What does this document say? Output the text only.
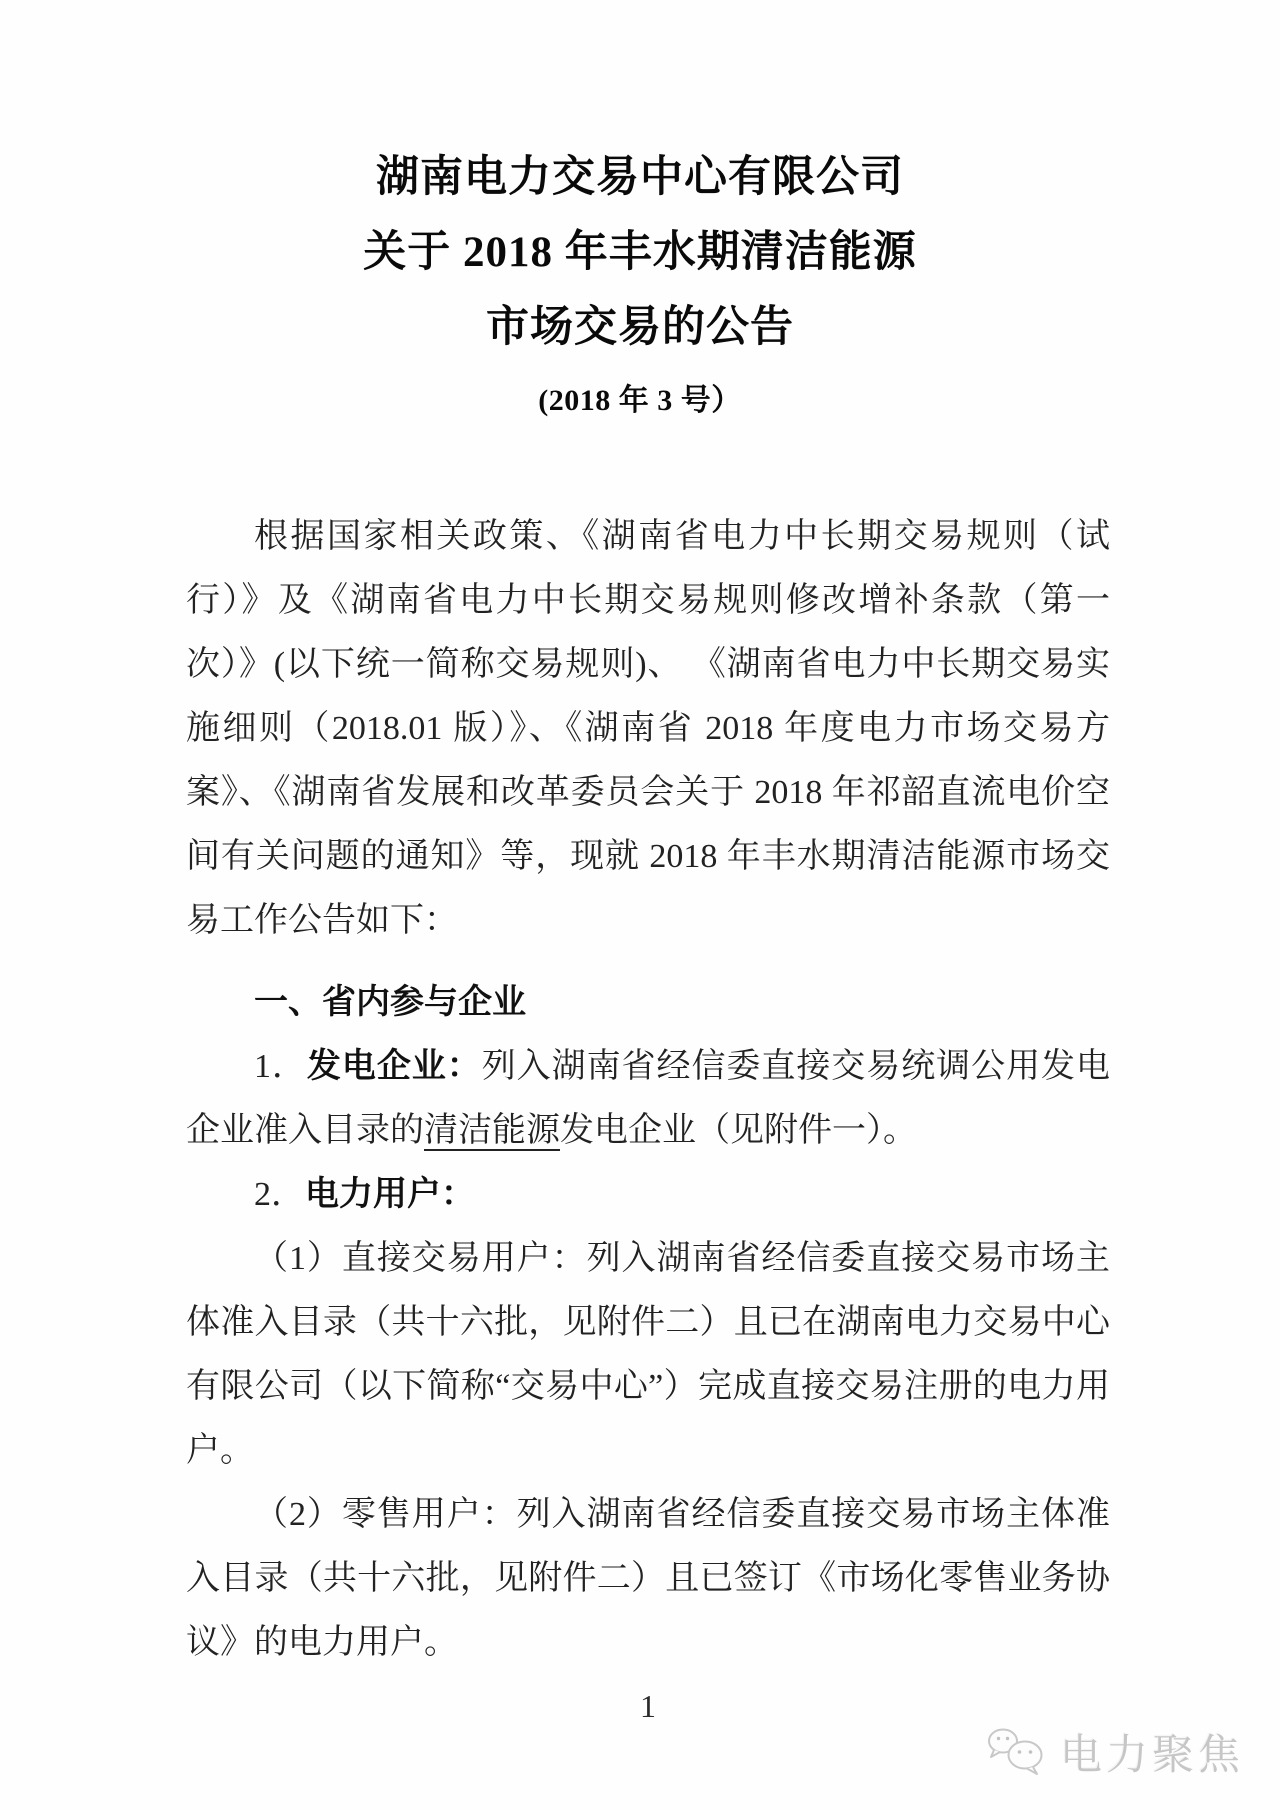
湖南电力交易中心有限公司
关于 2018 年丰水期清洁能源
市场交易的公告
(2018 年 3 号）

根据国家相关政策、《湖南省电力中长期交易规则（试行）》及《湖南省电力中长期交易规则修改增补条款（第一次）》(以下统一简称交易规则)、 《湖南省电力中长期交易实施细则（2018.01 版）》、《湖南省 2018 年度电力市场交易方案》、《湖南省发展和改革委员会关于 2018 年祁韶直流电价空间有关问题的通知》等，现就 2018 年丰水期清洁能源市场交易工作公告如下：

一、省内参与企业

1．发电企业：列入湖南省经信委直接交易统调公用发电企业准入目录的清洁能源发电企业（见附件一）。

2．电力用户：

（1）直接交易用户：列入湖南省经信委直接交易市场主体准入目录（共十六批，见附件二）且已在湖南电力交易中心有限公司（以下简称“交易中心”）完成直接交易注册的电力用户。

（2）零售用户：列入湖南省经信委直接交易市场主体准入目录（共十六批，见附件二）且已签订《市场化零售业务协议》的电力用户。

1
电力聚焦
